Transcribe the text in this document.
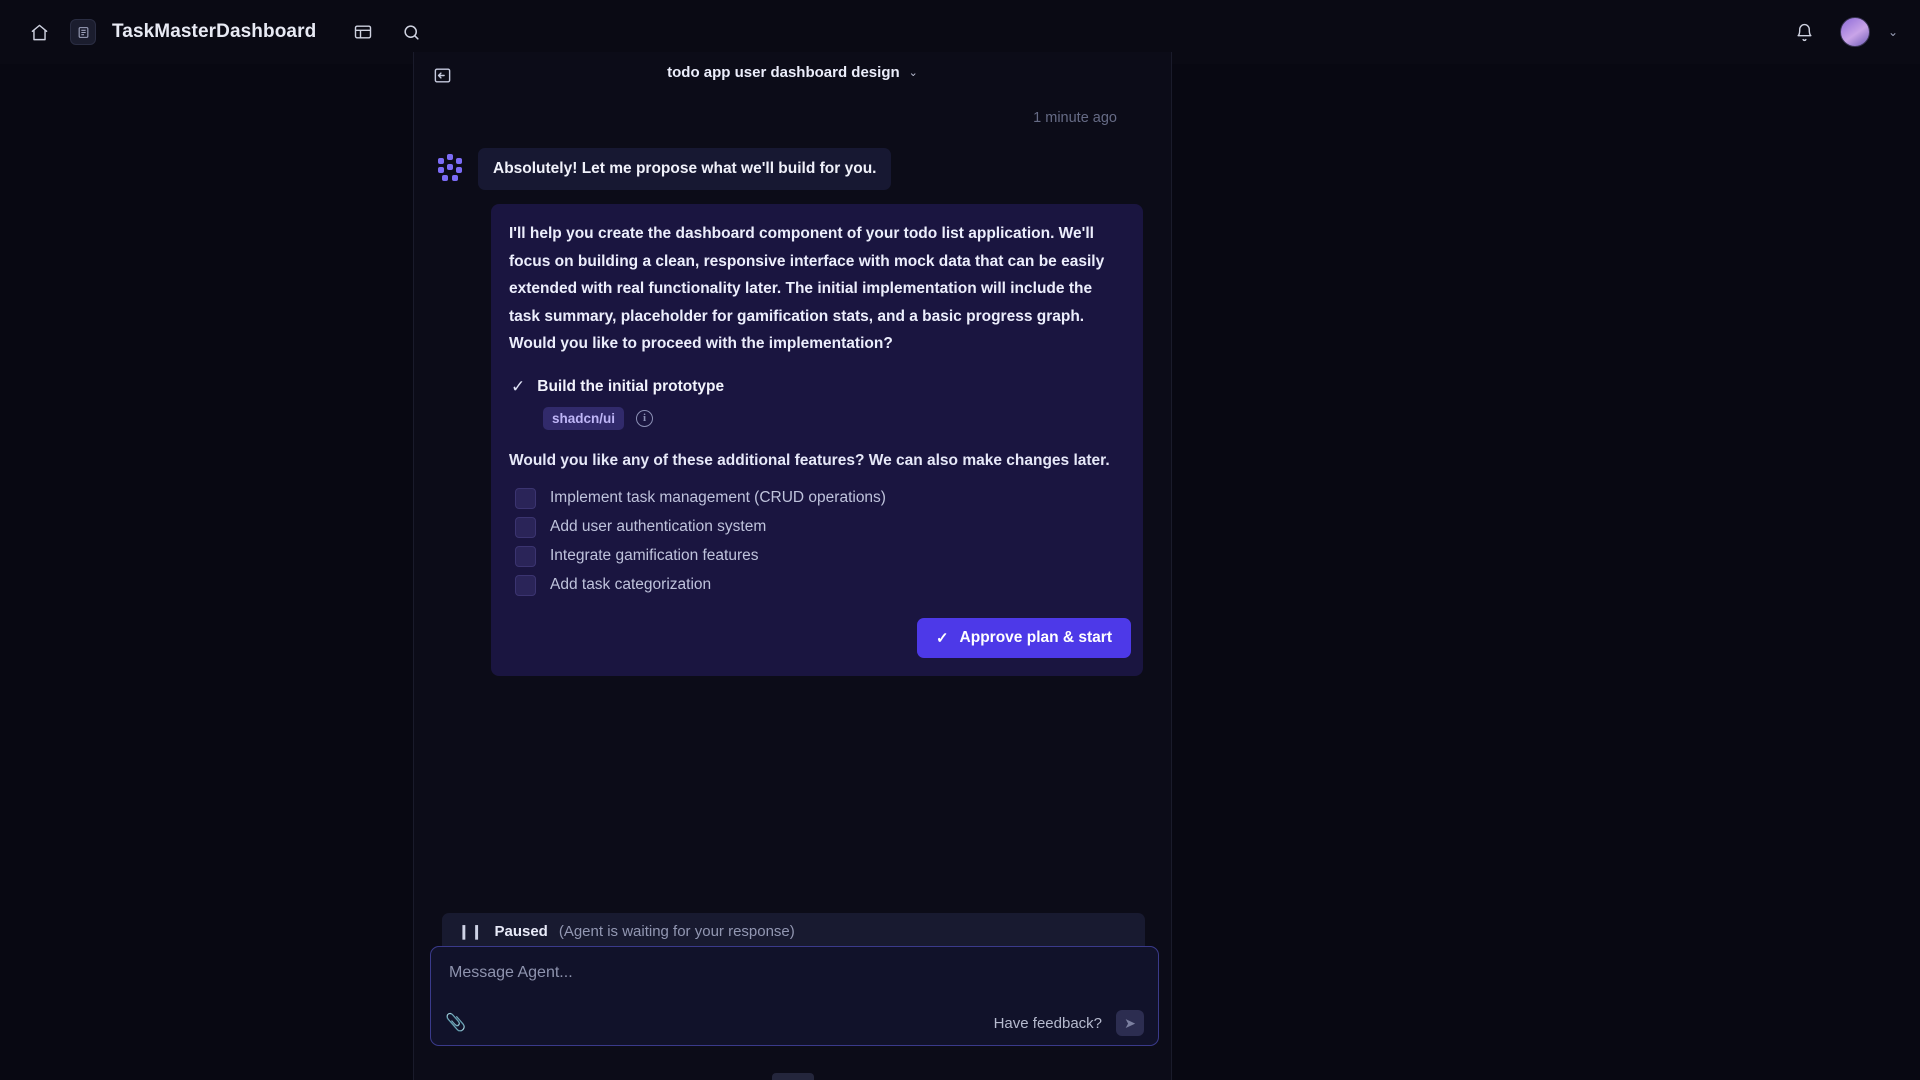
TaskMasterDashboard	⌄
todo app user dashboard design ⌄
1 minute ago
Absolutely! Let me propose what we'll build for you.
I'll help you create the dashboard component of your todo list application. We'll focus on building a clean, responsive interface with mock data that can be easily extended with real functionality later. The initial implementation will include the task summary, placeholder for gamification stats, and a basic progress graph. Would you like to proceed with the implementation?
✓ Build the initial prototype
shadcn/ui	i
Would you like any of these additional features? We can also make changes later.
Implement task management (CRUD operations)
Add user authentication system
Integrate gamification features
Add task categorization
✓ Approve plan & start
❙❙ Paused (Agent is waiting for your response)
Message Agent...
📎	Have feedback?	➤
